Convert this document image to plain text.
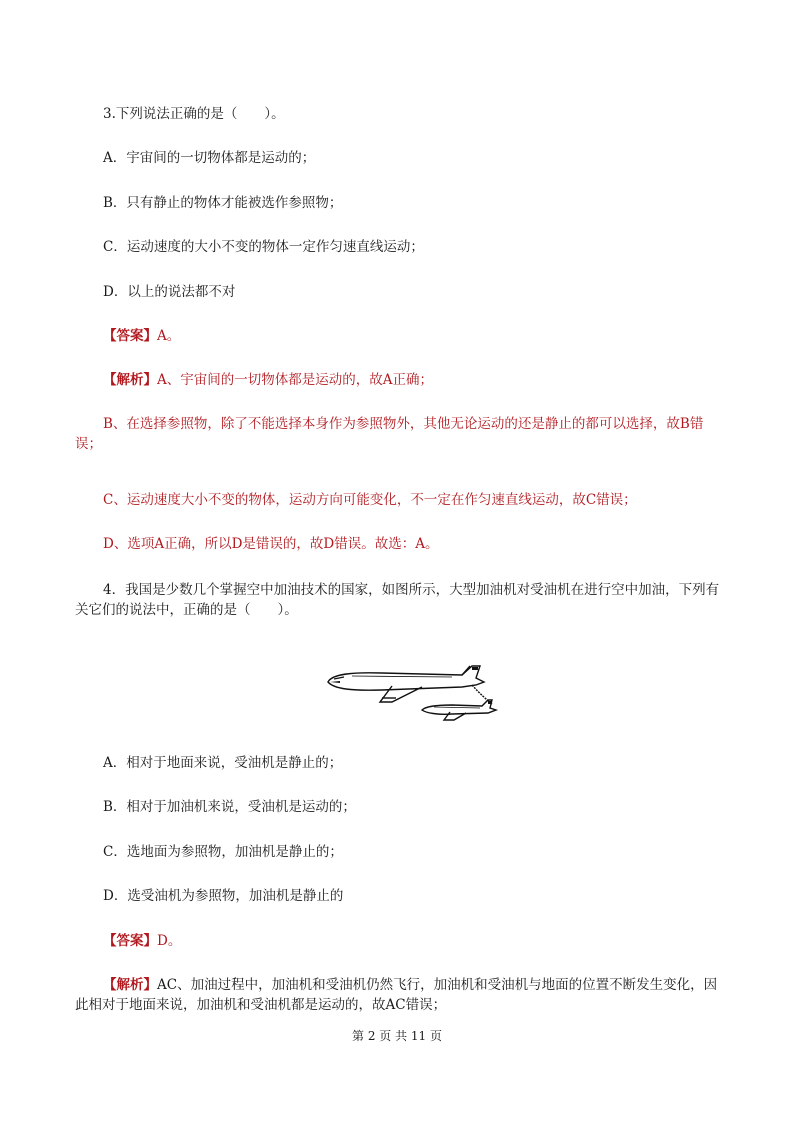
3.下列说法正确的是（　　）。
A．宇宙间的一切物体都是运动的；
B．只有静止的物体才能被选作参照物；
C．运动速度的大小不变的物体一定作匀速直线运动；
D．以上的说法都不对
【答案】A。
【解析】A、宇宙间的一切物体都是运动的，故A正确；
B、在选择参照物，除了不能选择本身作为参照物外，其他无论运动的还是静止的都可以选择，故B错误；
C、运动速度大小不变的物体，运动方向可能变化，不一定在作匀速直线运动，故C错误；
D、选项A正确，所以D是错误的，故D错误。故选：A。
4．我国是少数几个掌握空中加油技术的国家，如图所示，大型加油机对受油机在进行空中加油，下列有关它们的说法中，正确的是（　　）。
A．相对于地面来说，受油机是静止的；
B．相对于加油机来说，受油机是运动的；
C．选地面为参照物，加油机是静止的；
D．选受油机为参照物，加油机是静止的
【答案】D。
【解析】AC、加油过程中，加油机和受油机仍然飞行，加油机和受油机与地面的位置不断发生变化，因此相对于地面来说，加油机和受油机都是运动的，故AC错误；
第 2 页 共 11 页
